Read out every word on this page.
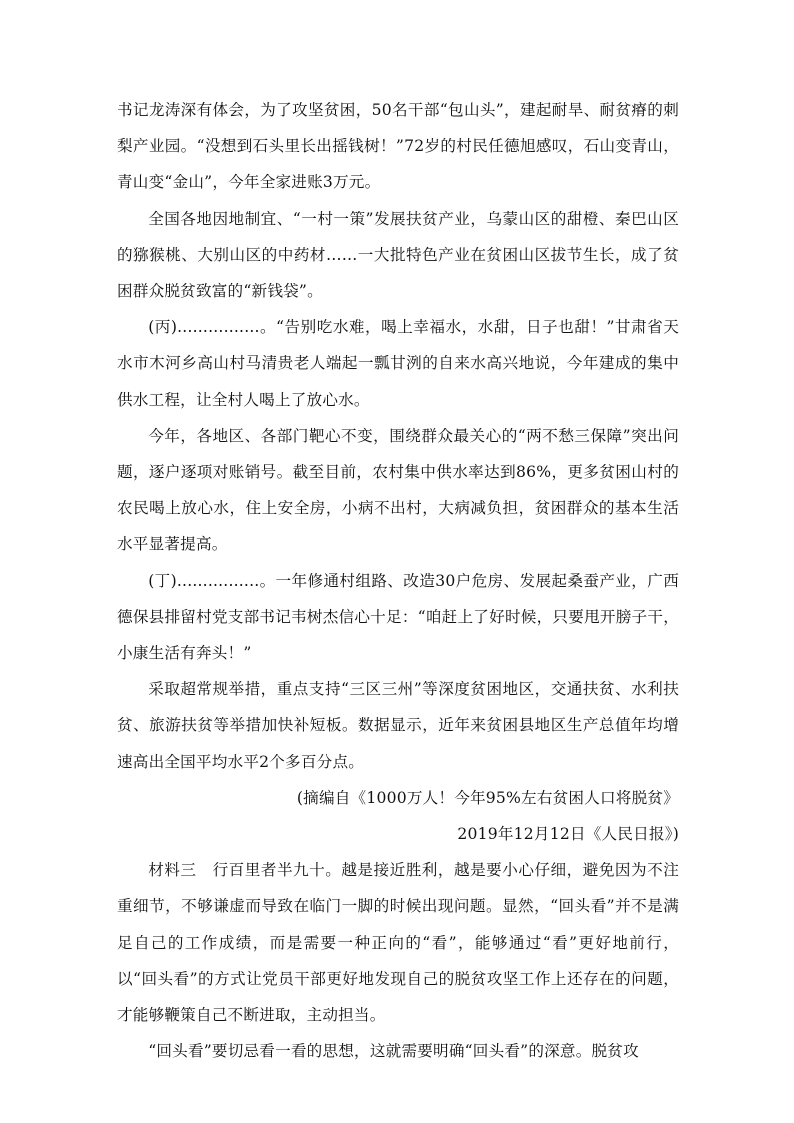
书记龙涛深有体会，为了攻坚贫困，50名干部“包山头”，建起耐旱、耐贫瘠的刺梨产业园。“没想到石头里长出摇钱树！”72岁的村民任德旭感叹，石山变青山，青山变“金山”，今年全家进账3万元。

全国各地因地制宜、“一村一策”发展扶贫产业，乌蒙山区的甜橙、秦巴山区的猕猴桃、大别山区的中药材……一大批特色产业在贫困山区拔节生长，成了贫困群众脱贫致富的“新钱袋”。

(丙)................。“告别吃水难，喝上幸福水，水甜，日子也甜！”甘肃省天水市木河乡高山村马清贵老人端起一瓢甘洌的自来水高兴地说，今年建成的集中供水工程，让全村人喝上了放心水。

今年，各地区、各部门靶心不变，围绕群众最关心的“两不愁三保障”突出问题，逐户逐项对账销号。截至目前，农村集中供水率达到86%，更多贫困山村的农民喝上放心水，住上安全房，小病不出村，大病减负担，贫困群众的基本生活水平显著提高。

(丁)................。一年修通村组路、改造30户危房、发展起桑蚕产业，广西德保县排留村党支部书记韦树杰信心十足：“咱赶上了好时候，只要甩开膀子干，小康生活有奔头！”

采取超常规举措，重点支持“三区三州”等深度贫困地区，交通扶贫、水利扶贫、旅游扶贫等举措加快补短板。数据显示，近年来贫困县地区生产总值年均增速高出全国平均水平2个多百分点。

(摘编自《1000万人！今年95%左右贫困人口将脱贫》

2019年12月12日《人民日报》)

材料三　行百里者半九十。越是接近胜利，越是要小心仔细，避免因为不注重细节，不够谦虚而导致在临门一脚的时候出现问题。显然，“回头看”并不是满足自己的工作成绩，而是需要一种正向的“看”，能够通过“看”更好地前行，以“回头看”的方式让党员干部更好地发现自己的脱贫攻坚工作上还存在的问题，才能够鞭策自己不断进取，主动担当。

“回头看”要切忌看一看的思想，这就需要明确“回头看”的深意。脱贫攻
